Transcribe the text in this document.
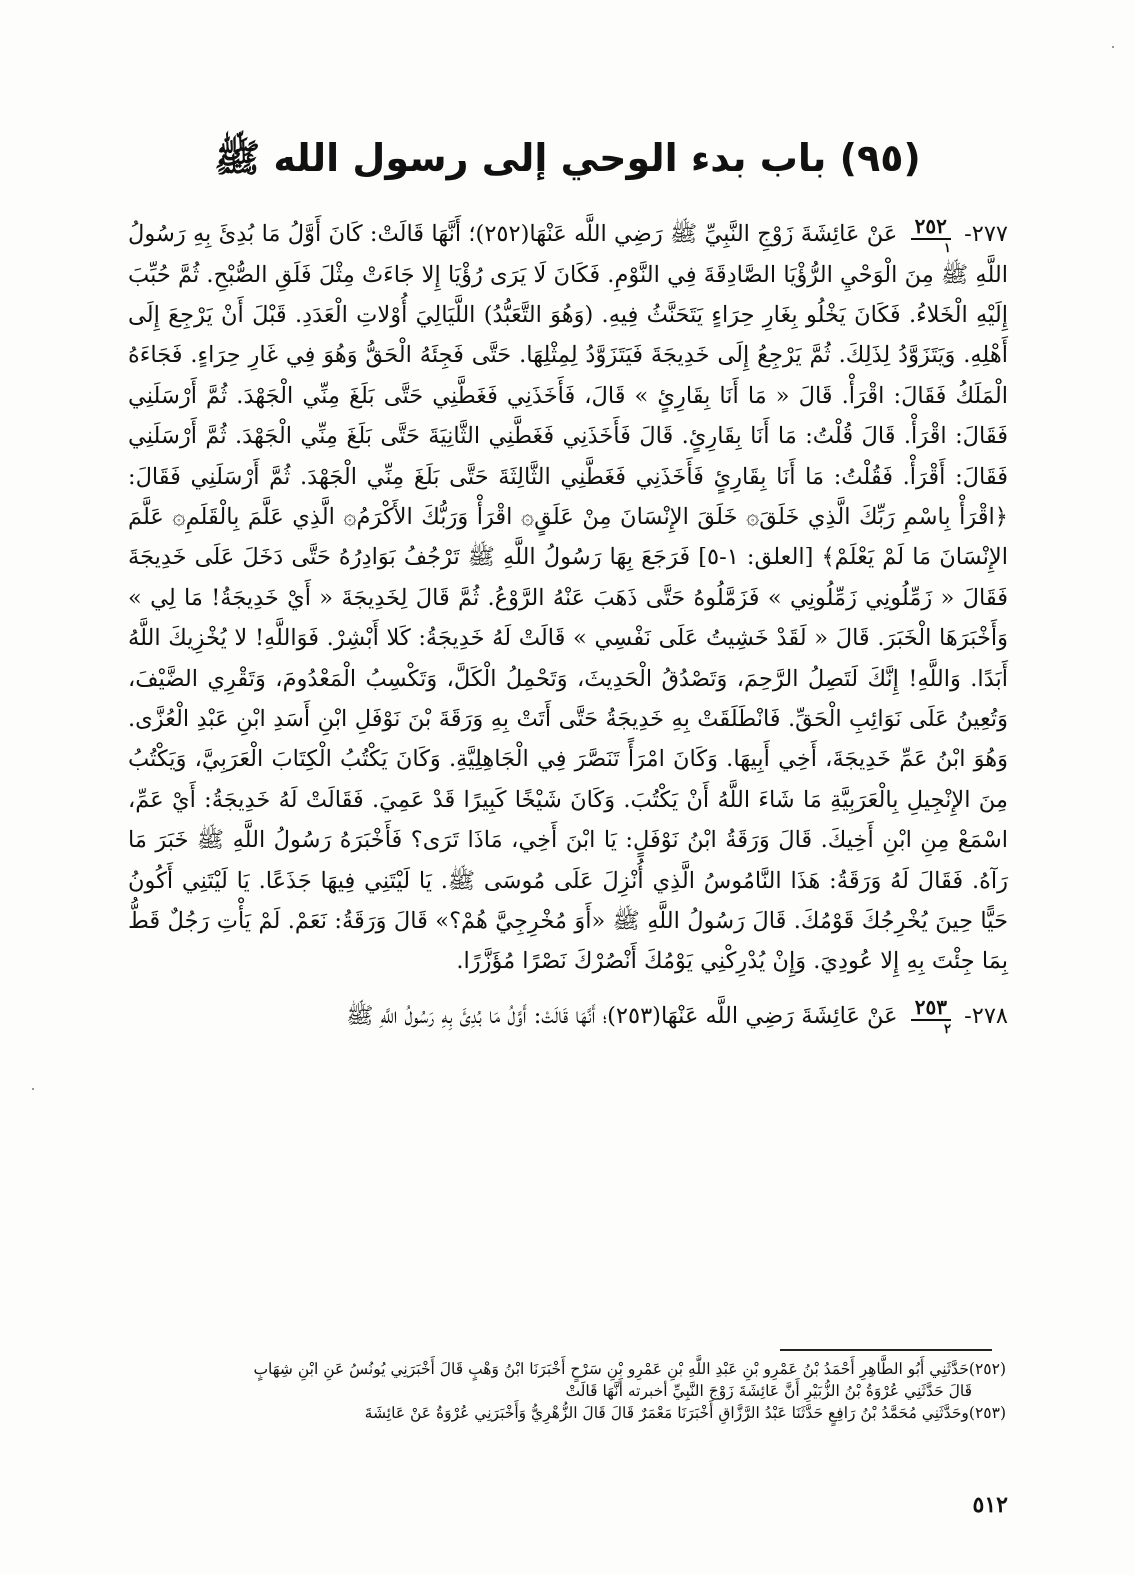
(٩٥) باب بدء الوحي إلى رسول الله ﷺ

٢٧٧-
$\frac{٢٥٢}{١}$
عَنْ عَائِشَةَ زَوْجِ النَّبِيِّ ﷺ رَضِي اللَّه عَنْهَا(٢٥٢)؛ أَنَّهَا قَالَتْ: كَانَ أَوَّلُ مَا بُدِئَ بِهِ رَسُولُ اللَّهِ ﷺ مِنَ الْوَحْيِ الرُّؤْيَا الصَّادِقَةَ فِي النَّوْمِ. فَكَانَ لَا يَرَى رُؤْيَا إِلا جَاءَتْ مِثْلَ فَلَقِ الصُّبْحِ. ثُمَّ حُبِّبَ إِلَيْهِ الْخَلاءُ. فَكَانَ يَخْلُو بِغَارِ حِرَاءٍ يَتَحَنَّثُ فِيهِ. (وَهُوَ التَّعَبُّدُ) اللَّيَالِيَ أُوْلاتِ الْعَدَدِ. قَبْلَ أَنْ يَرْجِعَ إِلَى أَهْلِهِ. وَيَتَزَوَّدُ لِذَلِكَ. ثُمَّ يَرْجِعُ إِلَى خَدِيجَةَ فَيَتَزَوَّدُ لِمِثْلِهَا. حَتَّى فَجِئَهُ الْحَقُّ وَهُوَ فِي غَارِ حِرَاءٍ. فَجَاءَهُ الْمَلَكُ فَقَالَ: اقْرَأْ. قَالَ « مَا أَنَا بِقَارِئٍ » قَالَ، فَأَخَذَنِي فَغَطَّنِي حَتَّى بَلَغَ مِنِّي الْجَهْدَ. ثُمَّ أَرْسَلَنِي فَقَالَ: اقْرَأْ. قَالَ قُلْتُ: مَا أَنَا بِقَارِئٍ. قَالَ فَأَخَذَنِي فَغَطَّنِي الثَّانِيَةَ حَتَّى بَلَغَ مِنِّي الْجَهْدَ. ثُمَّ أَرْسَلَنِي فَقَالَ: أَقْرَأْ. فَقُلْتُ: مَا أَنَا بِقَارِئٍ فَأَخَذَنِي فَغَطَّنِي الثَّالِثَةَ حَتَّى بَلَغَ مِنِّي الْجَهْدَ. ثُمَّ أَرْسَلَنِي فَقَالَ: ﴿اقْرَأْ بِاسْمِ رَبِّكَ الَّذِي خَلَقَ۞ خَلَقَ الإِنْسَانَ مِنْ عَلَقٍ۞ اقْرَأْ وَرَبُّكَ الأَكْرَمُ۞ الَّذِي عَلَّمَ بِالْقَلَمِ۞ عَلَّمَ الإِنْسَانَ مَا لَمْ يَعْلَمْ﴾ [العلق: ١-٥] فَرَجَعَ بِهَا رَسُولُ اللَّهِ ﷺ تَرْجُفُ بَوَادِرُهُ حَتَّى دَخَلَ عَلَى خَدِيجَةَ فَقَالَ « زَمِّلُونِي زَمِّلُونِي » فَزَمَّلُوهُ حَتَّى ذَهَبَ عَنْهُ الرَّوْعُ. ثُمَّ قَالَ لِخَدِيجَةَ « أَيْ خَدِيجَةُ! مَا لِي » وَأَخْبَرَهَا الْخَبَرَ. قَالَ « لَقَدْ خَشِيتُ عَلَى نَفْسِي » قَالَتْ لَهُ خَدِيجَةُ: كَلا أَبْشِرْ. فَوَاللَّهِ! لا يُخْزِيكَ اللَّهُ أَبَدًا. وَاللَّهِ! إِنَّكَ لَتَصِلُ الرَّحِمَ، وَتَصْدُقُ الْحَدِيثَ، وَتَحْمِلُ الْكَلَّ، وَتَكْسِبُ الْمَعْدُومَ، وَتَقْرِي الضَّيْفَ، وَتُعِينُ عَلَى نَوَائِبِ الْحَقِّ. فَانْطَلَقَتْ بِهِ خَدِيجَةُ حَتَّى أَتَتْ بِهِ وَرَقَةَ بْنَ نَوْفَلِ ابْنِ أَسَدِ ابْنِ عَبْدِ الْعُزَّى. وَهُوَ ابْنُ عَمِّ خَدِيجَةَ، أَخِي أَبِيهَا. وَكَانَ امْرَأً تَنَصَّرَ فِي الْجَاهِلِيَّةِ. وَكَانَ يَكْتُبُ الْكِتَابَ الْعَرَبِيَّ، وَيَكْتُبُ مِنَ الإِنْجِيلِ بِالْعَرَبِيَّةِ مَا شَاءَ اللَّهُ أَنْ يَكْتُبَ. وَكَانَ شَيْخًا كَبِيرًا قَدْ عَمِيَ. فَقَالَتْ لَهُ خَدِيجَةُ: أَيْ عَمِّ، اسْمَعْ مِنِ ابْنِ أَخِيكَ. قَالَ وَرَقَةُ ابْنُ نَوْفَلٍ: يَا ابْنَ أَخِي، مَاذَا تَرَى؟ فَأَخْبَرَهُ رَسُولُ اللَّهِ ﷺ خَبَرَ مَا رَآهُ. فَقَالَ لَهُ وَرَقَةُ: هَذَا النَّامُوسُ الَّذِي أُنْزِلَ عَلَى مُوسَى ﷺ. يَا لَيْتَنِي فِيهَا جَذَعًا. يَا لَيْتَنِي أَكُونُ حَيًّا حِينَ يُخْرِجُكَ قَوْمُكَ. قَالَ رَسُولُ اللَّهِ ﷺ «أَوَ مُخْرِجِيَّ هُمْ؟» قَالَ وَرَقَةُ: نَعَمْ. لَمْ يَأْتِ رَجُلٌ قَطُّ بِمَا جِئْتَ بِهِ إِلا عُودِيَ. وَإِنْ يُدْرِكْنِي يَوْمُكَ أَنْصُرْكَ نَصْرًا مُؤَزَّرًا.

٢٧٨-
$\frac{٢٥٣}{٢}$
عَنْ عَائِشَةَ رَضِي اللَّه عَنْهَا(٢٥٣)؛ أَنَّهَا قَالَتْ: أَوَّلُ مَا بُدِئَ بِهِ رَسُولُ اللَّهِ ﷺ

(٢٥٢)حَدَّثَنِي أَبُو الطَّاهِرِ أَحْمَدُ بْنُ عَمْرِو بْنِ عَبْدِ اللَّهِ بْنِ عَمْرِو بْنِ سَرْحٍ أَخْبَرَنَا ابْنُ وَهْبٍ قَالَ أَخْبَرَنِي يُونُسُ عَنِ ابْنِ شِهَابٍ

قَالَ حَدَّثَنِي عُرْوَةُ بْنُ الزُّبَيْرِ أَنَّ عَائِشَةَ زَوْجَ النَّبِيِّ أخبرته أَنَّهَا قَالَتْ

(٢٥٣)وحَدَّثَنِي مُحَمَّدُ بْنُ رَافِعٍ حَدَّثَنَا عَبْدُ الرَّزَّاقِ أَخْبَرَنَا مَعْمَرٌ قَالَ قَالَ الزُّهْرِيُّ وَأَخْبَرَنِي عُرْوَةُ عَنْ عَائِشَةَ

٥١٢
